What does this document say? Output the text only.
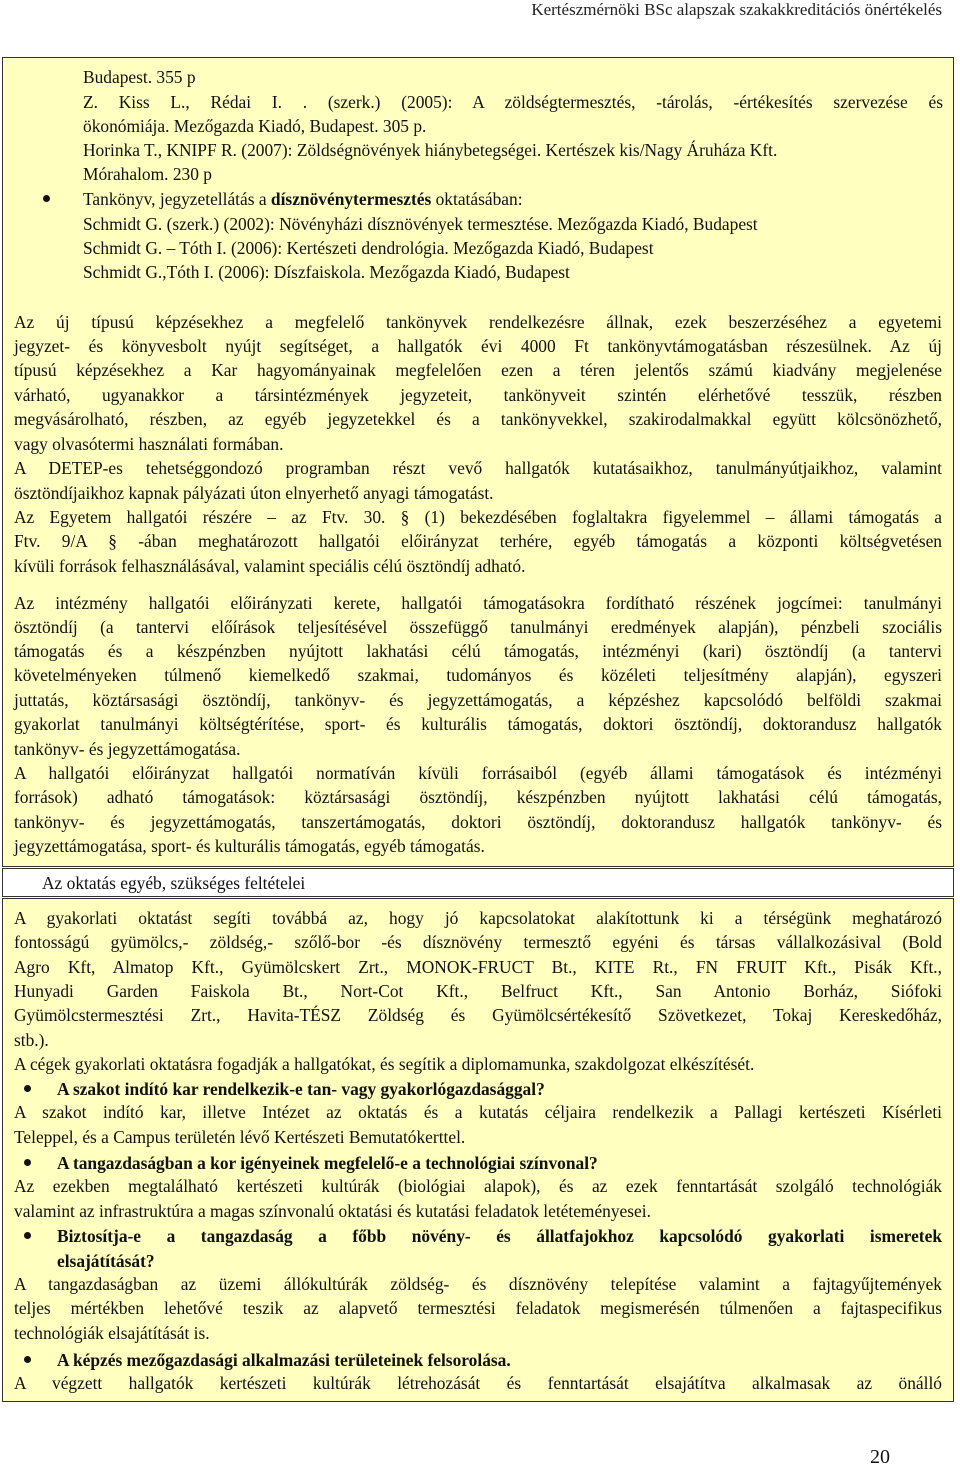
Kertészmérnöki BSc alapszak szakakkreditációs önértékelés
Budapest. 355 p
Z. Kiss L., Rédai I. . (szerk.) (2005): A zöldségtermesztés, -tárolás, -értékesítés szervezése és
ökonómiája. Mezőgazda Kiadó, Budapest. 305 p.
Horinka T., KNIPF R. (2007): Zöldségnövények hiánybetegségei. Kertészek kis/Nagy Áruháza Kft.
Mórahalom. 230 p
Tankönyv, jegyzetellátás a dísznövénytermesztés oktatásában:
Schmidt G. (szerk.) (2002): Növényházi dísznövények termesztése. Mezőgazda Kiadó, Budapest
Schmidt G. – Tóth I. (2006): Kertészeti dendrológia. Mezőgazda Kiadó, Budapest
Schmidt G.,Tóth I. (2006): Díszfaiskola. Mezőgazda Kiadó, Budapest
Az új típusú képzésekhez a megfelelő tankönyvek rendelkezésre állnak, ezek beszerzéséhez a egyetemi
jegyzet- és könyvesbolt nyújt segítséget, a hallgatók évi 4000 Ft tankönyvtámogatásban részesülnek. Az új
típusú képzésekhez a Kar hagyományainak megfelelően ezen a téren jelentős számú kiadvány megjelenése
várható, ugyanakkor a társintézmények jegyzeteit, tankönyveit szintén elérhetővé tesszük, részben
megvásárolható, részben, az egyéb jegyzetekkel és a tankönyvekkel, szakirodalmakkal együtt kölcsönözhető,
vagy olvasótermi használati formában.
A DETEP-es tehetséggondozó programban részt vevő hallgatók kutatásaikhoz, tanulmányútjaikhoz, valamint
ösztöndíjaikhoz kapnak pályázati úton elnyerhető anyagi támogatást.
Az Egyetem hallgatói részére – az Ftv. 30. § (1) bekezdésében foglaltakra figyelemmel – állami támogatás a
Ftv. 9/A § -ában meghatározott hallgatói előirányzat terhére, egyéb támogatás a központi költségvetésen
kívüli források felhasználásával, valamint speciális célú ösztöndíj adható.
Az intézmény hallgatói előirányzati kerete, hallgatói támogatásokra fordítható részének jogcímei: tanulmányi
ösztöndíj (a tantervi előírások teljesítésével összefüggő tanulmányi eredmények alapján), pénzbeli szociális
támogatás és a készpénzben nyújtott lakhatási célú támogatás, intézményi (kari) ösztöndíj (a tantervi
követelményeken túlmenő kiemelkedő szakmai, tudományos és közéleti teljesítmény alapján), egyszeri
juttatás, köztársasági ösztöndíj, tankönyv- és jegyzettámogatás, a képzéshez kapcsolódó belföldi szakmai
gyakorlat tanulmányi költségtérítése, sport- és kulturális támogatás, doktori ösztöndíj, doktorandusz hallgatók
tankönyv- és jegyzettámogatása.
A hallgatói előirányzat hallgatói normatíván kívüli forrásaiból (egyéb állami támogatások és intézményi
források) adható támogatások: köztársasági ösztöndíj, készpénzben nyújtott lakhatási célú támogatás,
tankönyv- és jegyzettámogatás, tanszertámogatás, doktori ösztöndíj, doktorandusz hallgatók tankönyv- és
jegyzettámogatása, sport- és kulturális támogatás, egyéb támogatás.
Az oktatás egyéb, szükséges feltételei
A gyakorlati oktatást segíti továbbá az, hogy jó kapcsolatokat alakítottunk ki a térségünk meghatározó
fontosságú gyümölcs,- zöldség,- szőlő-bor -és dísznövény termesztő egyéni és társas vállalkozásival (Bold
Agro Kft, Almatop Kft., Gyümölcskert Zrt., MONOK-FRUCT Bt., KITE Rt., FN FRUIT Kft., Pisák Kft.,
Hunyadi Garden Faiskola Bt., Nort-Cot Kft., Belfruct Kft., San Antonio Borház, Siófoki
Gyümölcstermesztési Zrt., Havita-TÉSZ Zöldség és Gyümölcsértékesítő Szövetkezet, Tokaj Kereskedőház,
stb.).
A cégek gyakorlati oktatásra fogadják a hallgatókat, és segítik a diplomamunka, szakdolgozat elkészítését.
A szakot indító kar rendelkezik-e tan- vagy gyakorlógazdasággal?
A szakot indító kar, illetve Intézet az oktatás és a kutatás céljaira rendelkezik a Pallagi kertészeti Kísérleti
Teleppel, és a Campus területén lévő Kertészeti Bemutatókerttel.
A tangazdaságban a kor igényeinek megfelelő-e a technológiai színvonal?
Az ezekben megtalálható kertészeti kultúrák (biológiai alapok), és az ezek fenntartását szolgáló technológiák
valamint az infrastruktúra a magas színvonalú oktatási és kutatási feladatok letéteményesei.
Biztosítja-e a tangazdaság a főbb növény- és állatfajokhoz kapcsolódó gyakorlati ismeretek
elsajátítását?
A tangazdaságban az üzemi állókultúrák zöldség- és dísznövény telepítése valamint a fajtagyűjtemények
teljes mértékben lehetővé teszik az alapvető termesztési feladatok megismerésén túlmenően a fajtaspecifikus
technológiák elsajátítását is.
A képzés mezőgazdasági alkalmazási területeinek felsorolása.
A végzett hallgatók kertészeti kultúrák létrehozását és fenntartását elsajátítva alkalmasak az önálló
20
